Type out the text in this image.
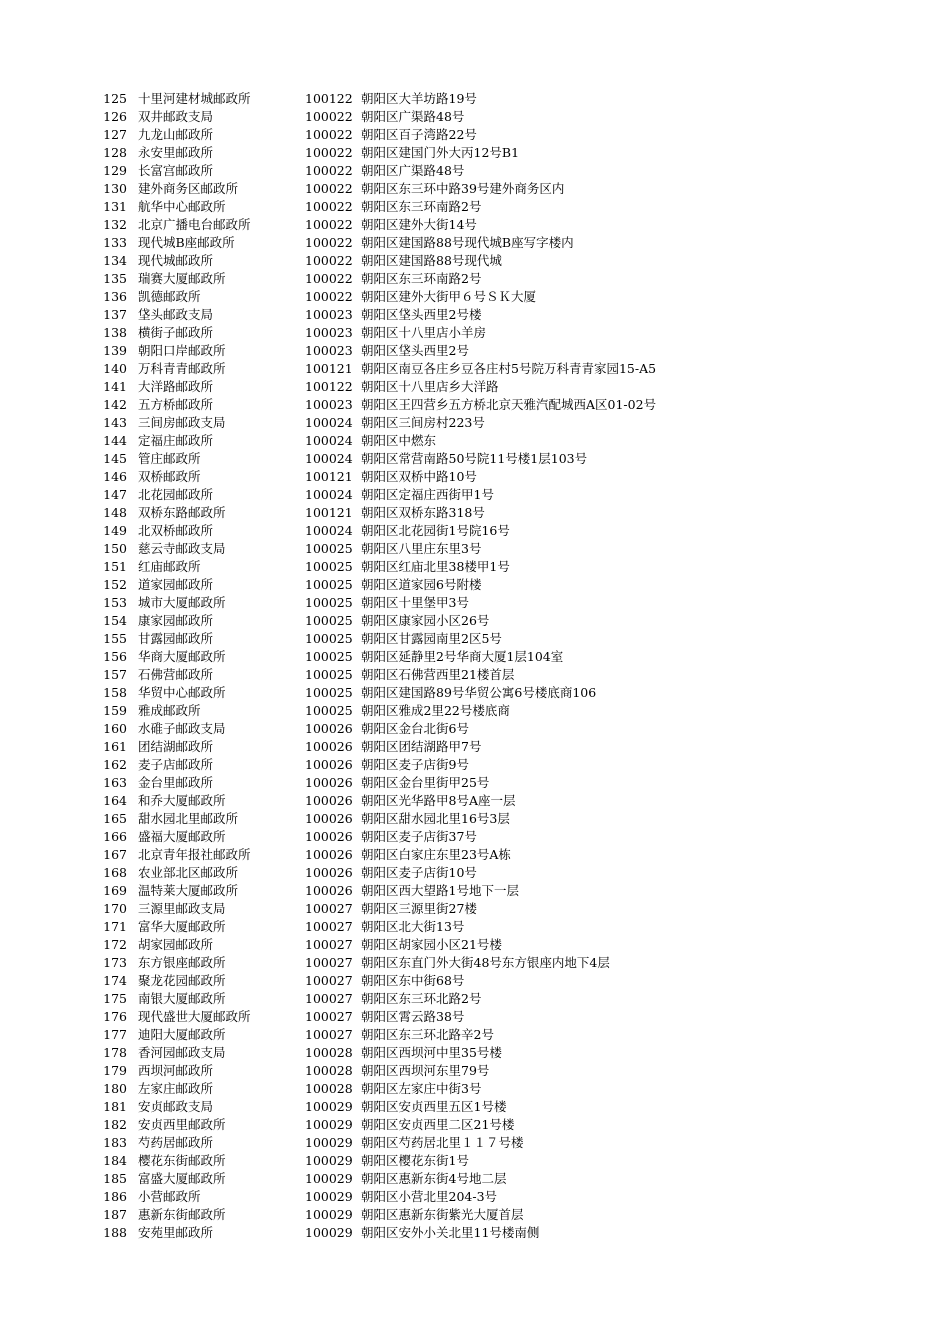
125 十里河建材城邮政所	100122 朝阳区大羊坊路19号
126 双井邮政支局	100022 朝阳区广渠路48号
127 九龙山邮政所	100022 朝阳区百子湾路22号
128 永安里邮政所	100022 朝阳区建国门外大丙12号B1
129 长富宫邮政所	100022 朝阳区广渠路48号
130 建外商务区邮政所	100022 朝阳区东三环中路39号建外商务区内
131 航华中心邮政所	100022 朝阳区东三环南路2号
132 北京广播电台邮政所	100022 朝阳区建外大街14号
133 现代城B座邮政所	100022 朝阳区建国路88号现代城B座写字楼内
134 现代城邮政所	100022 朝阳区建国路88号现代城
135 瑞赛大厦邮政所	100022 朝阳区东三环南路2号
136 凯德邮政所	100022 朝阳区建外大街甲６号ＳＫ大厦
137 垡头邮政支局	100023 朝阳区垡头西里2号楼
138 横街子邮政所	100023 朝阳区十八里店小羊房
139 朝阳口岸邮政所	100023 朝阳区垡头西里2号
140 万科青青邮政所	100121 朝阳区南豆各庄乡豆各庄村5号院万科青青家园15-A5
141 大洋路邮政所	100122 朝阳区十八里店乡大洋路
142 五方桥邮政所	100023 朝阳区王四营乡五方桥北京天雅汽配城西A区01-02号
143 三间房邮政支局	100024 朝阳区三间房村223号
144 定福庄邮政所	100024 朝阳区中燃东
145 管庄邮政所	100024 朝阳区常营南路50号院11号楼1层103号
146 双桥邮政所	100121 朝阳区双桥中路10号
147 北花园邮政所	100024 朝阳区定福庄西街甲1号
148 双桥东路邮政所	100121 朝阳区双桥东路318号
149 北双桥邮政所	100024 朝阳区北花园街1号院16号
150 慈云寺邮政支局	100025 朝阳区八里庄东里3号
151 红庙邮政所	100025 朝阳区红庙北里38楼甲1号
152 道家园邮政所	100025 朝阳区道家园6号附楼
153 城市大厦邮政所	100025 朝阳区十里堡甲3号
154 康家园邮政所	100025 朝阳区康家园小区26号
155 甘露园邮政所	100025 朝阳区甘露园南里2区5号
156 华商大厦邮政所	100025 朝阳区延静里2号华商大厦1层104室
157 石佛营邮政所	100025 朝阳区石佛营西里21楼首层
158 华贸中心邮政所	100025 朝阳区建国路89号华贸公寓6号楼底商106
159 雅成邮政所	100025 朝阳区雅成2里22号楼底商
160 水碓子邮政支局	100026 朝阳区金台北街6号
161 团结湖邮政所	100026 朝阳区团结湖路甲7号
162 麦子店邮政所	100026 朝阳区麦子店街9号
163 金台里邮政所	100026 朝阳区金台里街甲25号
164 和乔大厦邮政所	100026 朝阳区光华路甲8号A座一层
165 甜水园北里邮政所	100026 朝阳区甜水园北里16号3层
166 盛福大厦邮政所	100026 朝阳区麦子店街37号
167 北京青年报社邮政所	100026 朝阳区白家庄东里23号A栋
168 农业部北区邮政所	100026 朝阳区麦子店街10号
169 温特莱大厦邮政所	100026 朝阳区西大望路1号地下一层
170 三源里邮政支局	100027 朝阳区三源里街27楼
171 富华大厦邮政所	100027 朝阳区北大街13号
172 胡家园邮政所	100027 朝阳区胡家园小区21号楼
173 东方银座邮政所	100027 朝阳区东直门外大街48号东方银座内地下4层
174 聚龙花园邮政所	100027 朝阳区东中街68号
175 南银大厦邮政所	100027 朝阳区东三环北路2号
176 现代盛世大厦邮政所	100027 朝阳区霄云路38号
177 迪阳大厦邮政所	100027 朝阳区东三环北路辛2号
178 香河园邮政支局	100028 朝阳区西坝河中里35号楼
179 西坝河邮政所	100028 朝阳区西坝河东里79号
180 左家庄邮政所	100028 朝阳区左家庄中街3号
181 安贞邮政支局	100029 朝阳区安贞西里五区1号楼
182 安贞西里邮政所	100029 朝阳区安贞西里二区21号楼
183 芍药居邮政所	100029 朝阳区芍药居北里１１７号楼
184 樱花东街邮政所	100029 朝阳区樱花东街1号
185 富盛大厦邮政所	100029 朝阳区惠新东街4号地二层
186 小营邮政所	100029 朝阳区小营北里204-3号
187 惠新东街邮政所	100029 朝阳区惠新东街紫光大厦首层
188 安苑里邮政所	100029 朝阳区安外小关北里11号楼南侧
